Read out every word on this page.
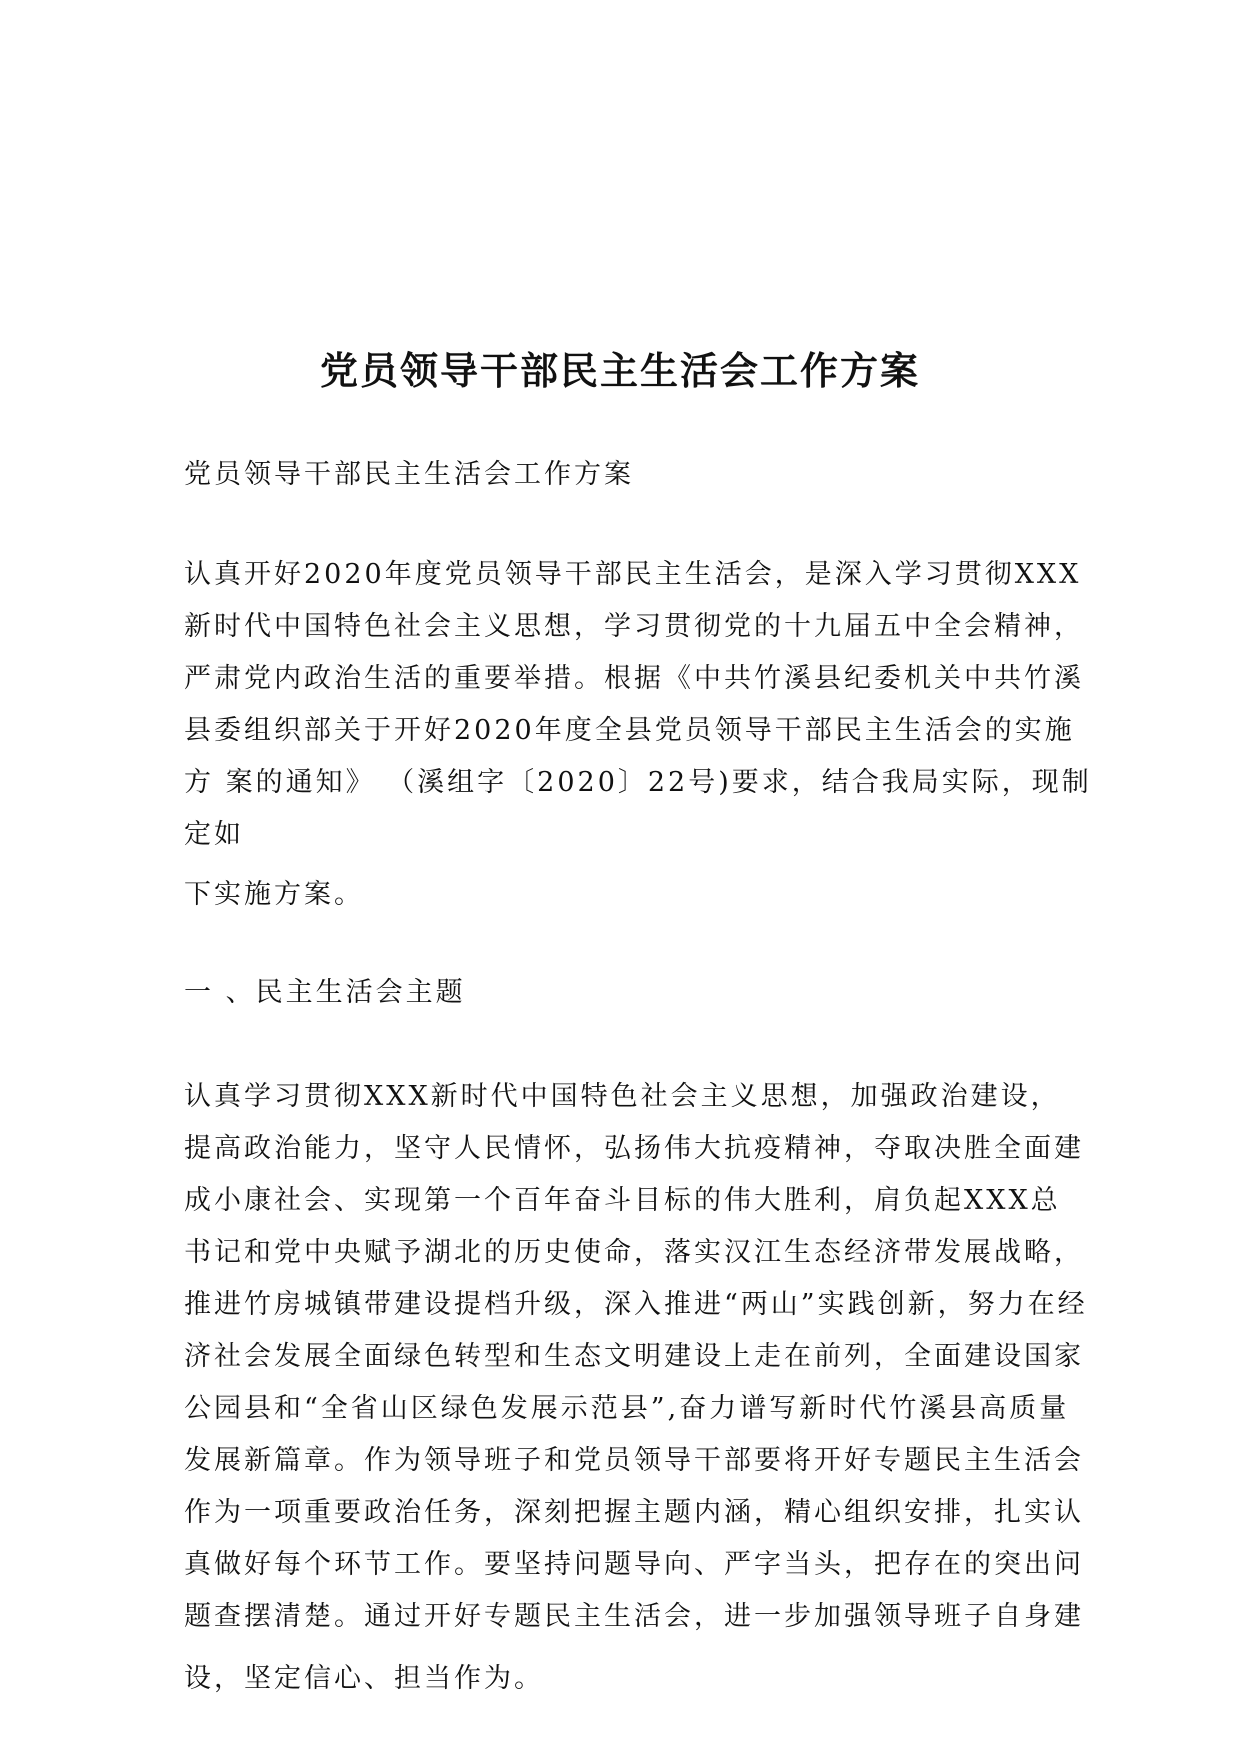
党员领导干部民主生活会工作方案
党员领导干部民主生活会工作方案
认真开好2020年度党员领导干部民主生活会，是深入学习贯彻XXX
新时代中国特色社会主义思想，学习贯彻党的十九届五中全会精神，
严肃党内政治生活的重要举措。根据《中共竹溪县纪委机关中共竹溪
县委组织部关于开好2020年度全县党员领导干部民主生活会的实施
方 案的通知》 （溪组字〔2020〕22号)要求，结合我局实际，现制
定如
下实施方案。
一 、民主生活会主题
认真学习贯彻XXX新时代中国特色社会主义思想，加强政治建设，
提高政治能力，坚守人民情怀，弘扬伟大抗疫精神，夺取决胜全面建
成小康社会、实现第一个百年奋斗目标的伟大胜利，肩负起XXX总
书记和党中央赋予湖北的历史使命，落实汉江生态经济带发展战略，
推进竹房城镇带建设提档升级，深入推进“两山”实践创新，努力在经
济社会发展全面绿色转型和生态文明建设上走在前列，全面建设国家
公园县和“全省山区绿色发展示范县”,奋力谱写新时代竹溪县高质量
发展新篇章。作为领导班子和党员领导干部要将开好专题民主生活会
作为一项重要政治任务，深刻把握主题内涵，精心组织安排，扎实认
真做好每个环节工作。要坚持问题导向、严字当头，把存在的突出问
题查摆清楚。通过开好专题民主生活会，进一步加强领导班子自身建
设，坚定信心、担当作为。
